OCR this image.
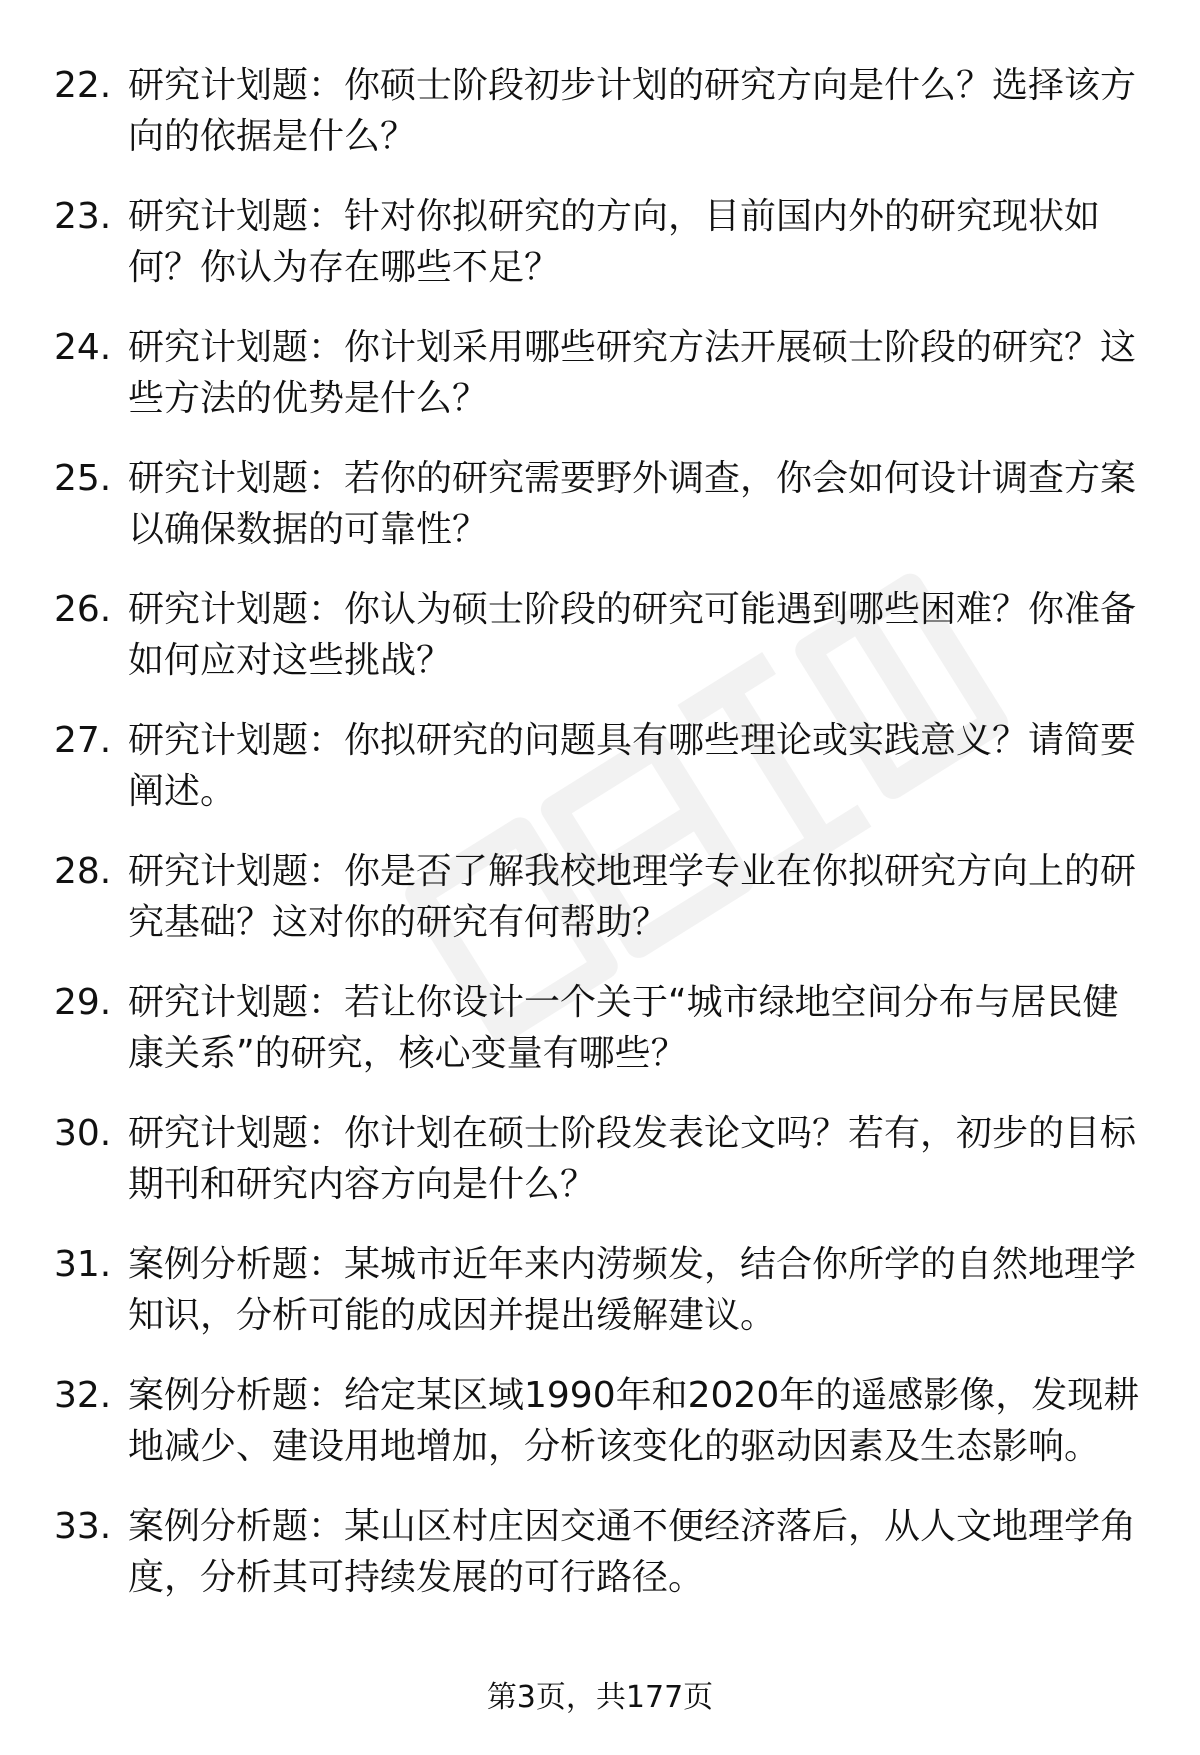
22. 研究计划题：你硕士阶段初步计划的研究方向是什么？选择该方向的依据是什么？
23. 研究计划题：针对你拟研究的方向，目前国内外的研究现状如何？你认为存在哪些不足？
24. 研究计划题：你计划采用哪些研究方法开展硕士阶段的研究？这些方法的优势是什么？
25. 研究计划题：若你的研究需要野外调查，你会如何设计调查方案以确保数据的可靠性？
26. 研究计划题：你认为硕士阶段的研究可能遇到哪些困难？你准备如何应对这些挑战？
27. 研究计划题：你拟研究的问题具有哪些理论或实践意义？请简要阐述。
28. 研究计划题：你是否了解我校地理学专业在你拟研究方向上的研究基础？这对你的研究有何帮助？
29. 研究计划题：若让你设计一个关于“城市绿地空间分布与居民健康关系”的研究，核心变量有哪些？
30. 研究计划题：你计划在硕士阶段发表论文吗？若有，初步的目标期刊和研究内容方向是什么？
31. 案例分析题：某城市近年来内涝频发，结合你所学的自然地理学知识，分析可能的成因并提出缓解建议。
32. 案例分析题：给定某区域1990年和2020年的遥感影像，发现耕地减少、建设用地增加，分析该变化的驱动因素及生态影响。
33. 案例分析题：某山区村庄因交通不便经济落后，从人文地理学角度，分析其可持续发展的可行路径。
第3页，共177页
